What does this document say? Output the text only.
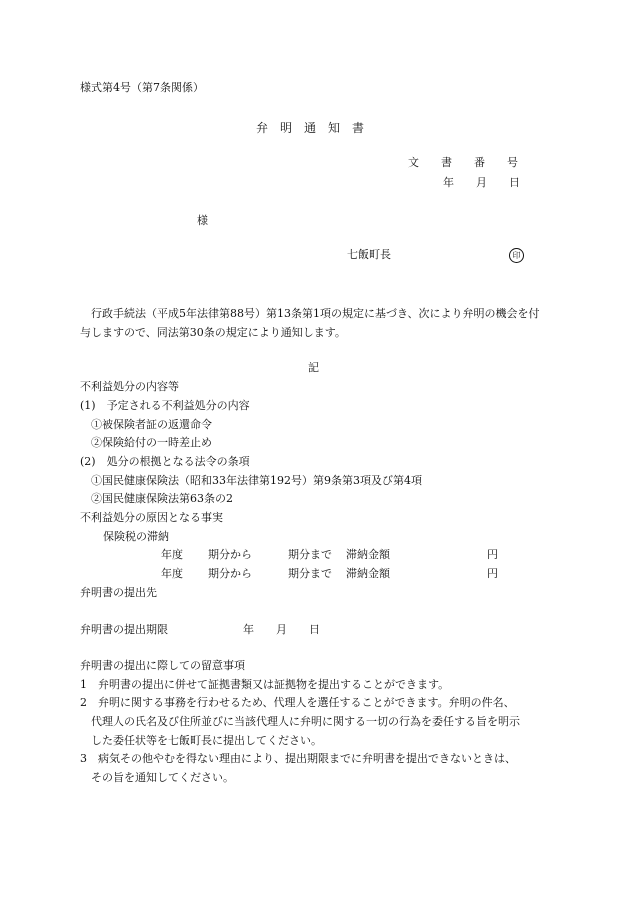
様式第4号（第7条関係）

弁　明　通　知　書

文　　書　　番　　号

年　　月　　日

様

七飯町長	印

行政手続法（平成5年法律第88号）第13条第1項の規定に基づき、次により弁明の機会を付

与しますので、同法第30条の規定により通知します。

記

不利益処分の内容等

(1)　予定される不利益処分の内容

①被保険者証の返還命令

②保険給付の一時差止め

(2)　処分の根拠となる法令の条項

①国民健康保険法（昭和33年法律第192号）第9条第3項及び第4項

②国民健康保険法第63条の2

不利益処分の原因となる事実

保険税の滞納

年度 期分から	期分まで 滞納金額	円

年度 期分から	期分まで 滞納金額	円

弁明書の提出先

弁明書の提出期限	年　　月　　日

弁明書の提出に際しての留意事項

1　弁明書の提出に併せて証拠書類又は証拠物を提出することができます。

2　弁明に関する事務を行わせるため、代理人を選任することができます。弁明の件名、

代理人の氏名及び住所並びに当該代理人に弁明に関する一切の行為を委任する旨を明示

した委任状等を七飯町長に提出してください。

3　病気その他やむを得ない理由により、提出期限までに弁明書を提出できないときは、

その旨を通知してください。
